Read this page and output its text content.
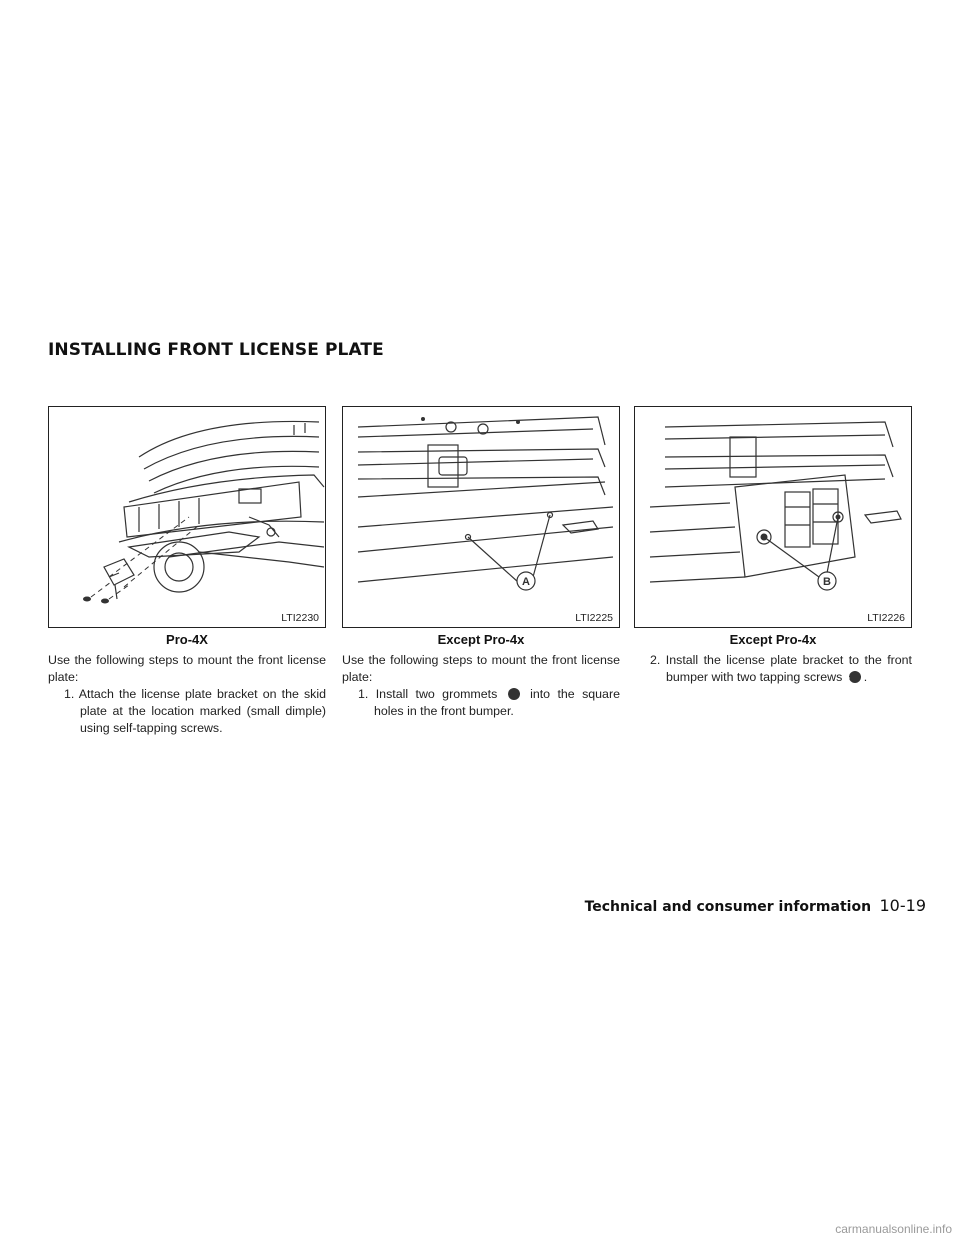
INSTALLING FRONT LICENSE PLATE
LTI2230
Pro-4X
A
LTI2225
Except Pro-4x
B
LTI2226
Except Pro-4x

Use the following steps to mount the front license plate:

1. Attach the license plate bracket on the skid plate at the location marked (small dimple) using self-tapping screws.

Use the following steps to mount the front license plate:

1. Install two grommets A into the square holes in the front bumper.

2. Install the license plate bracket to the front bumper with two tapping screws B .

Technical and consumer information 10-19
carmanualsonline.info
